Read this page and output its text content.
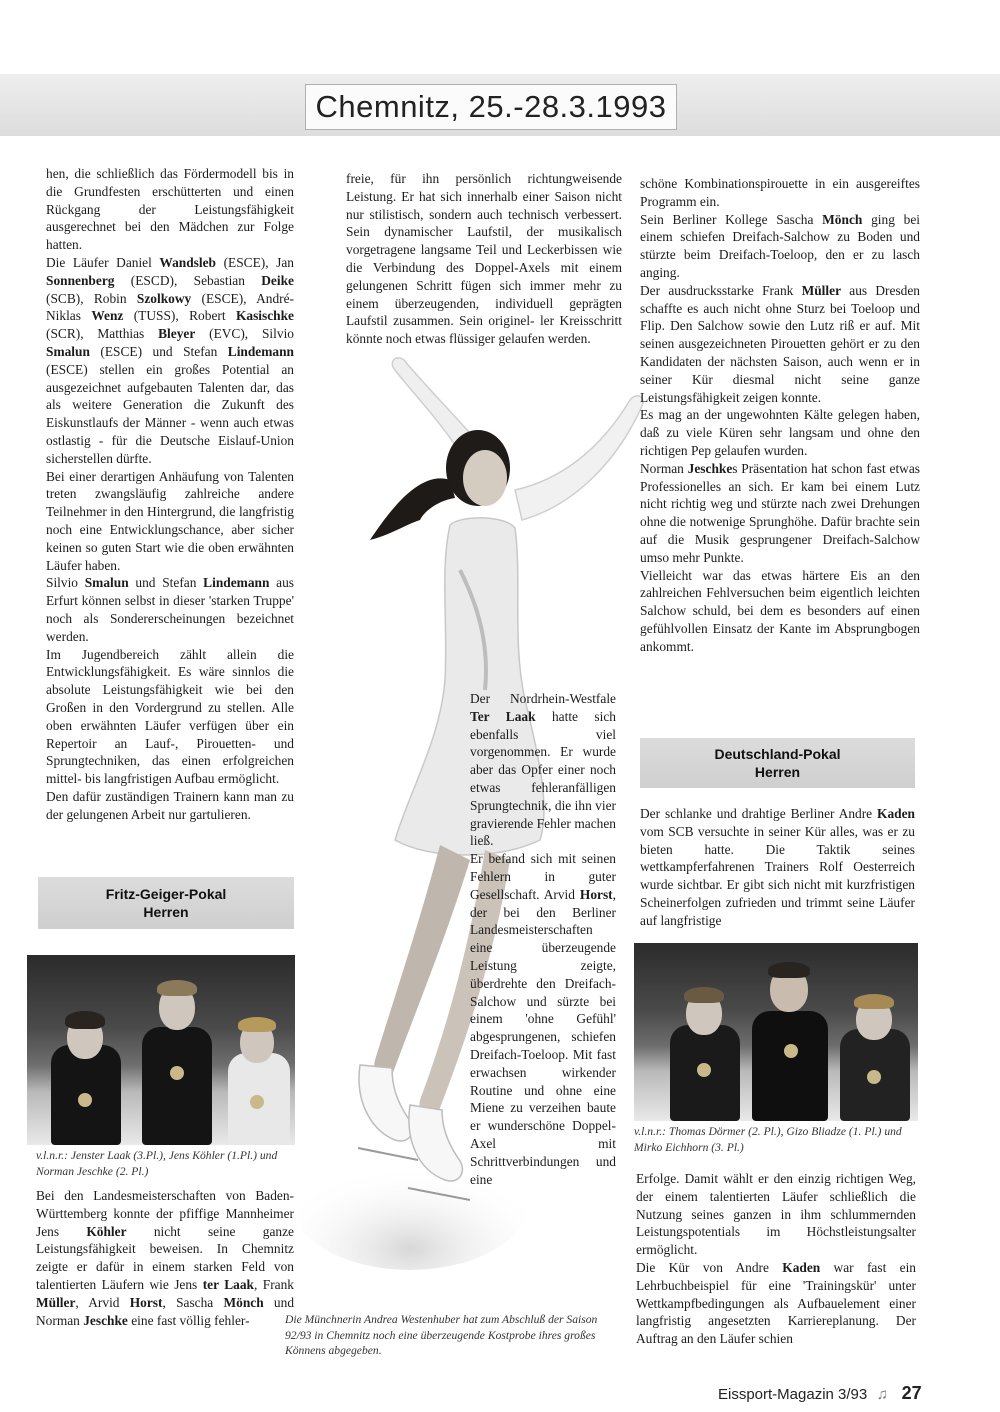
Chemnitz, 25.-28.3.1993

hen, die schließlich das Fördermodell bis in die Grundfesten erschütterten und einen Rückgang der Leistungsfähigkeit ausgerechnet bei den Mädchen zur Folge hatten.

Die Läufer Daniel Wandsleb (ESCE), Jan Sonnenberg (ESCD), Sebastian Deike (SCB), Robin Szolkowy (ESCE), André-Niklas Wenz (TUSS), Robert Kasischke (SCR), Matthias Bleyer (EVC), Silvio Smalun (ESCE) und Stefan Lindemann (ESCE) stellen ein großes Potential an ausgezeichnet aufgebauten Talenten dar, das als weitere Generation die Zukunft des Eiskunstlaufs der Männer - wenn auch etwas ostlastig - für die Deutsche Eislauf-Union sicherstellen dürfte.

Bei einer derartigen Anhäufung von Talenten treten zwangsläufig zahlreiche andere Teilnehmer in den Hintergrund, die langfristig noch eine Entwicklungschance, aber sicher keinen so guten Start wie die oben erwähnten Läufer haben.

Silvio Smalun und Stefan Lindemann aus Erfurt können selbst in dieser 'starken Truppe' noch als Sondererscheinungen bezeichnet werden.

Im Jugendbereich zählt allein die Entwicklungsfähigkeit. Es wäre sinnlos die absolute Leistungsfähigkeit wie bei den Großen in den Vordergrund zu stellen. Alle oben erwähnten Läufer verfügen über ein Repertoir an Lauf-, Pirouetten- und Sprungtechniken, das einen erfolgreichen mittel- bis langfristigen Aufbau ermöglicht.

Den dafür zuständigen Trainern kann man zu der gelungenen Arbeit nur gartulieren.

Fritz-Geiger-Pokal
Herren
v.l.n.r.: Jenster Laak (3.Pl.), Jens Köhler (1.Pl.) und Norman Jeschke (2. Pl.)

Bei den Landesmeisterschaften von Baden-Württemberg konnte der pfiffige Mannheimer Jens Köhler nicht seine ganze Leistungsfähigkeit beweisen. In Chemnitz zeigte er dafür in einem starken Feld von talentierten Läufern wie Jens ter Laak, Frank Müller, Arvid Horst, Sascha Mönch und Norman Jeschke eine fast völlig fehler-

freie, für ihn persönlich richtungweisende Leistung. Er hat sich innerhalb einer Saison nicht nur stilistisch, sondern auch technisch verbessert. Sein dynamischer Laufstil, der musikalisch vorgetragene langsame Teil und Leckerbissen wie die Verbindung des Doppel-Axels mit einem gelungenen Schritt fügen sich immer mehr zu einem überzeugenden, individuell geprägten Laufstil zusammen. Sein originel- ler Kreisschritt könnte noch etwas flüssiger gelaufen werden.

Der Nordrhein-Westfale Ter Laak hatte sich ebenfalls viel vorgenommen. Er wurde aber das Opfer einer noch etwas fehleranfälligen Sprungtechnik, die ihn vier gravierende Fehler machen ließ.

Er befand sich mit seinen Fehlern in guter Gesellschaft. Arvid Horst, der bei den Berliner Landesmeisterschaften eine überzeugende Leistung zeigte, überdrehte den Dreifach-Salchow und sürzte bei einem 'ohne Gefühl' abgesprungenen, schiefen Dreifach-Toeloop. Mit fast erwachsen wirkender Routine und ohne eine Miene zu verzeihen baute er wunderschöne Doppel-Axel mit Schrittverbindungen und eine

Die Münchnerin Andrea Westenhuber hat zum Abschluß der Saison 92/93 in Chemnitz noch eine überzeugende Kostprobe ihres großes Könnens abgegeben.

schöne Kombinationspirouette in ein ausgereiftes Programm ein.

Sein Berliner Kollege Sascha Mönch ging bei einem schiefen Dreifach-Salchow zu Boden und stürzte beim Dreifach-Toeloop, den er zu lasch anging.

Der ausdrucksstarke Frank Müller aus Dresden schaffte es auch nicht ohne Sturz bei Toeloop und Flip. Den Salchow sowie den Lutz riß er auf. Mit seinen ausgezeichneten Pirouetten gehört er zu den Kandidaten der nächsten Saison, auch wenn er in seiner Kür diesmal nicht seine ganze Leistungsfähigkeit zeigen konnte.

Es mag an der ungewohnten Kälte gelegen haben, daß zu viele Küren sehr langsam und ohne den richtigen Pep gelaufen wurden.

Norman Jeschkes Präsentation hat schon fast etwas Professionelles an sich. Er kam bei einem Lutz nicht richtig weg und stürzte nach zwei Drehungen ohne die notwenige Sprunghöhe. Dafür brachte sein auf die Musik gesprungener Dreifach-Salchow umso mehr Punkte.

Vielleicht war das etwas härtere Eis an den zahlreichen Fehlversuchen beim eigentlich leichten Salchow schuld, bei dem es besonders auf einen gefühlvollen Einsatz der Kante im Absprungbogen ankommt.

Deutschland-Pokal
Herren

Der schlanke und drahtige Berliner Andre Kaden vom SCB versuchte in seiner Kür alles, was er zu bieten hatte. Die Taktik seines wettkampferfahrenen Trainers Rolf Oesterreich wurde sichtbar. Er gibt sich nicht mit kurzfristigen Scheinerfolgen zufrieden und trimmt seine Läufer auf langfristige

v.l.n.r.: Thomas Dörmer (2. Pl.), Gizo Bliadze (1. Pl.) und Mirko Eichhorn (3. Pl.)

Erfolge. Damit wählt er den einzig richtigen Weg, der einem talentierten Läufer schließlich die Nutzung seines ganzen in ihm schlummernden Leistungspotentials im Höchstleistungsalter ermöglicht.

Die Kür von Andre Kaden war fast ein Lehrbuchbeispiel für eine 'Trainingskür' unter Wettkampfbedingungen als Aufbauelement einer langfristig angesetzten Karriereplanung. Der Auftrag an den Läufer schien

Eissport-Magazin 3/93 ♫ 27
